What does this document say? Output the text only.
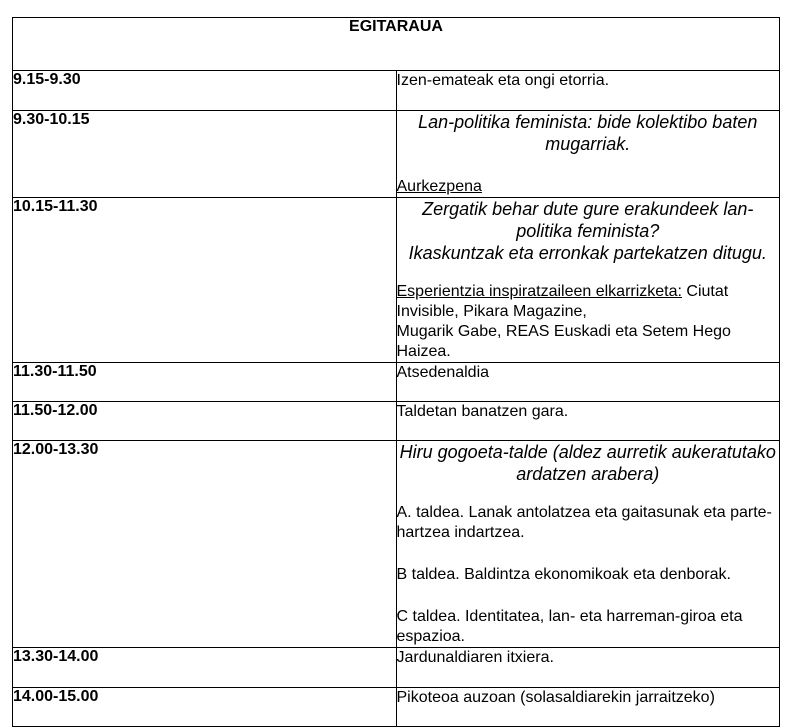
EGITARAUA	
9.15-9.30	Izen-emateak eta ongi etorria.
9.30-10.15	Lan-politika feminista: bide kolektibo baten mugarriak.
Aurkezpena

10.15-11.30	Zergatik behar dute gure erakundeek lan-politika feminista?
Ikaskuntzak eta erronkak partekatzen ditugu.
Esperientzia inspiratzaileen elkarrizketa: Ciutat Invisible, Pikara Magazine,
Mugarik Gabe, REAS Euskadi eta Setem Hego Haizea.

11.30-11.50	Atsedenaldia
11.50-12.00	Taldetan banatzen gara.
12.00-13.30	Hiru gogoeta-talde (aldez aurretik aukeratutako ardatzen arabera)
A. taldea. Lanak antolatzea eta gaitasunak eta parte-hartzea indartzea.
B taldea. Baldintza ekonomikoak eta denborak.
C taldea. Identitatea, lan- eta harreman-giroa eta espazioa.

13.30-14.00	Jardunaldiaren itxiera.
14.00-15.00	Pikoteoa auzoan (solasaldiarekin jarraitzeko)
